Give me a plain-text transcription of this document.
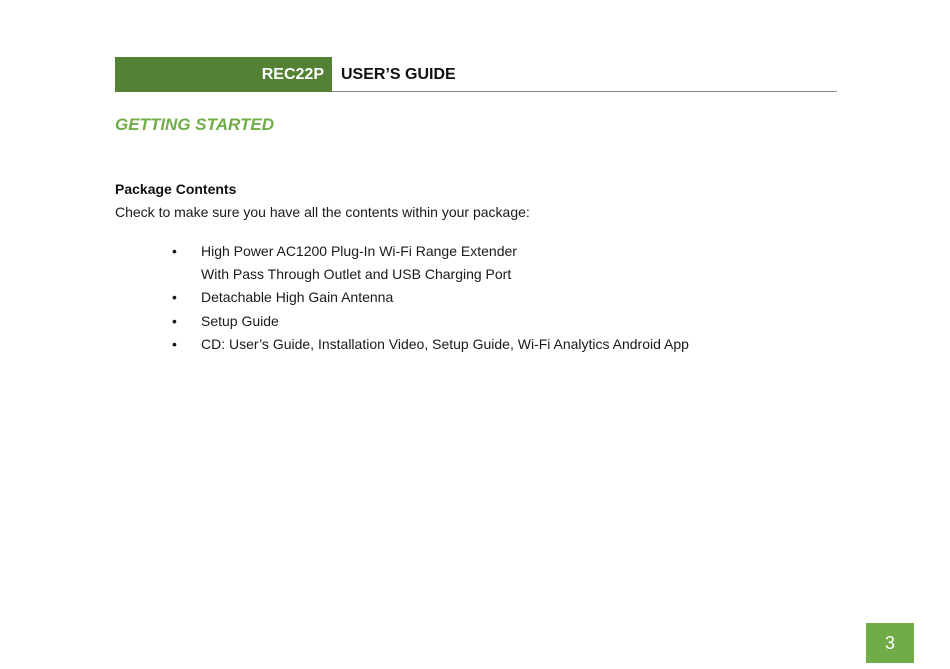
REC22P	USER’S GUIDE
GETTING STARTED
Package Contents
Check to make sure you have all the contents within your package:
• High Power AC1200 Plug-In Wi-Fi Range Extender
With Pass Through Outlet and USB Charging Port
• Detachable High Gain Antenna
• Setup Guide
• CD: User’s Guide, Installation Video, Setup Guide, Wi-Fi Analytics Android App
3
